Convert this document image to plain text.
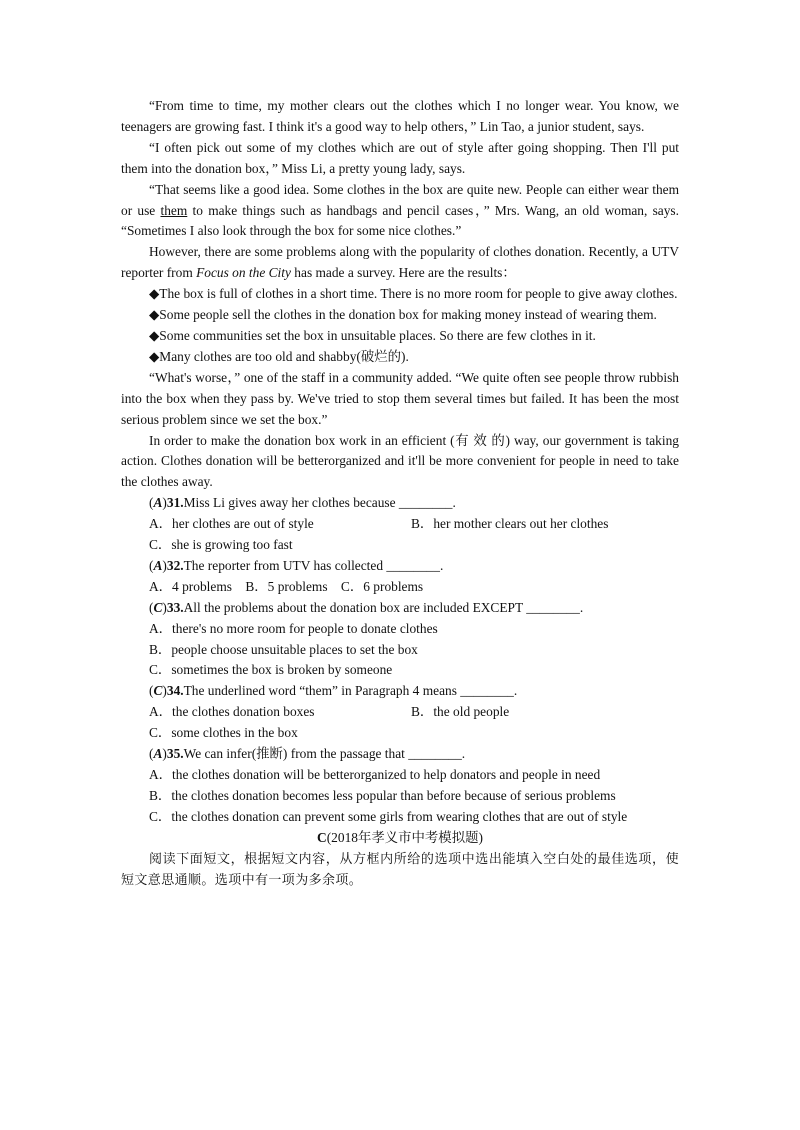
“From time to time, my mother clears out the clothes which I no longer wear. You know, we teenagers are growing fast. I think it's a good way to help others，” Lin Tao, a junior student, says.

“I often pick out some of my clothes which are out of style after going shopping. Then I'll put them into the donation box，” Miss Li, a pretty young lady, says.

“That seems like a good idea. Some clothes in the box are quite new. People can either wear them or use them to make things such as handbags and pencil cases，” Mrs. Wang, an old woman, says. “Sometimes I also look through the box for some nice clothes.”

However, there are some problems along with the popularity of clothes donation. Recently, a UTV reporter from Focus on the City has made a survey. Here are the results：

◆The box is full of clothes in a short time. There is no more room for people to give away clothes.

◆Some people sell the clothes in the donation box for making money instead of wearing them.

◆Some communities set the box in unsuitable places. So there are few clothes in it.

◆Many clothes are too old and shabby(破烂的).

“What's worse，” one of the staff in a community added. “We quite often see people throw rubbish into the box when they pass by. We've tried to stop them several times but failed. It has been the most serious problem since we set the box.”

In order to make the donation box work in an efficient (有 效 的) way, our government is taking action. Clothes donation will be betterorganized and it'll be more convenient for people in need to take the clothes away.

(A)31.Miss Li gives away her clothes because ________.

A．her clothes are out of style	B．her mother clears out her clothes

C．she is growing too fast

(A)32.The reporter from UTV has collected ________.

A．4 problems　B．5 problems　C．6 problems

(C)33.All the problems about the donation box are included EXCEPT ________.

A．there's no more room for people to donate clothes

B．people choose unsuitable places to set the box

C．sometimes the box is broken by someone

(C)34.The underlined word “them” in Paragraph 4 means ________.

A．the clothes donation boxes	B．the old people

C．some clothes in the box

(A)35.We can infer(推断) from the passage that ________.

A．the clothes donation will be betterorganized to help donators and people in need

B．the clothes donation becomes less popular than before because of serious problems

C．the clothes donation can prevent some girls from wearing clothes that are out of style

C(2018年孝义市中考模拟题)

阅读下面短文，根据短文内容，从方框内所给的选项中选出能填入空白处的最佳选项，使短文意思通顺。选项中有一项为多余项。
